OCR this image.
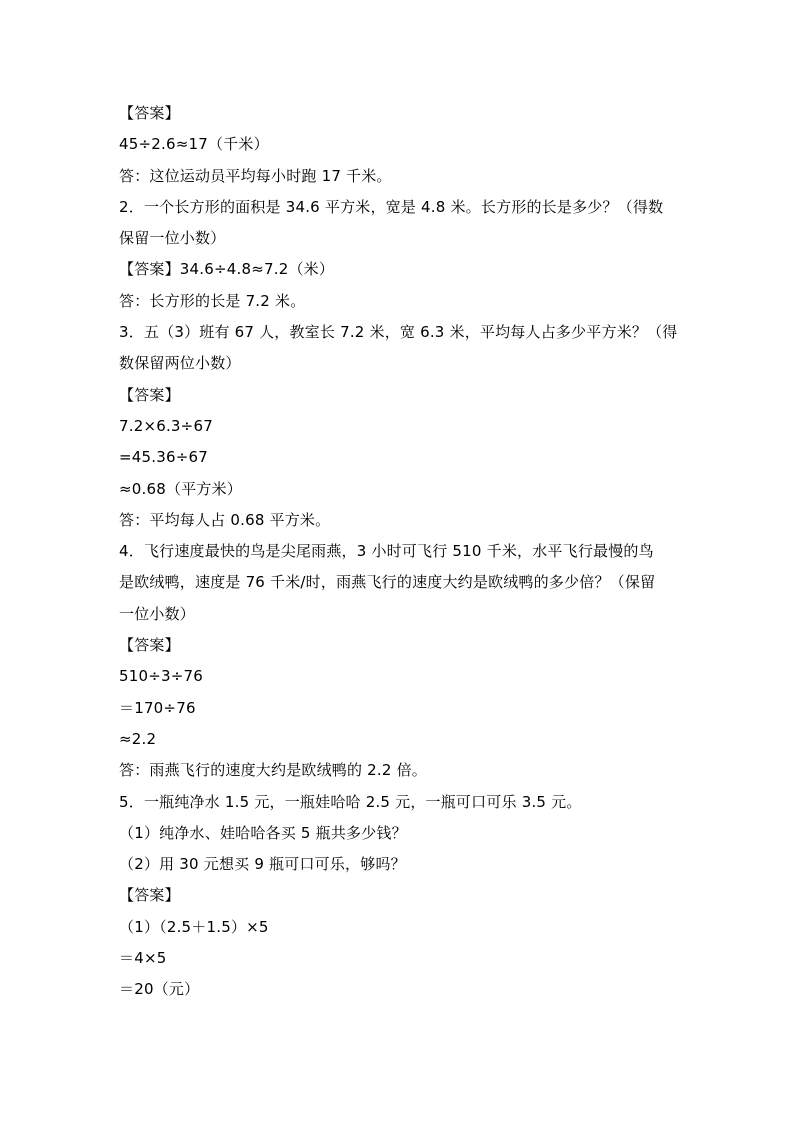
【答案】
45÷2.6≈17（千米）
答：这位运动员平均每小时跑 17 千米。
2．一个长方形的面积是 34.6 平方米，宽是 4.8 米。长方形的长是多少？（得数
保留一位小数）
【答案】34.6÷4.8≈7.2（米）
答：长方形的长是 7.2 米。
3．五（3）班有 67 人，教室长 7.2 米，宽 6.3 米，平均每人占多少平方米？（得
数保留两位小数）
【答案】
7.2×6.3÷67
=45.36÷67
≈0.68（平方米）
答：平均每人占 0.68 平方米。
4．飞行速度最快的鸟是尖尾雨燕，3 小时可飞行 510 千米，水平飞行最慢的鸟
是欧绒鸭，速度是 76 千米/时，雨燕飞行的速度大约是欧绒鸭的多少倍？（保留
一位小数）
【答案】
510÷3÷76
＝170÷76
≈2.2
答：雨燕飞行的速度大约是欧绒鸭的 2.2 倍。
5．一瓶纯净水 1.5 元，一瓶娃哈哈 2.5 元，一瓶可口可乐 3.5 元。
（1）纯净水、娃哈哈各买 5 瓶共多少钱？
（2）用 30 元想买 9 瓶可口可乐，够吗？
【答案】
（1）（2.5＋1.5）×5
＝4×5
＝20（元）
